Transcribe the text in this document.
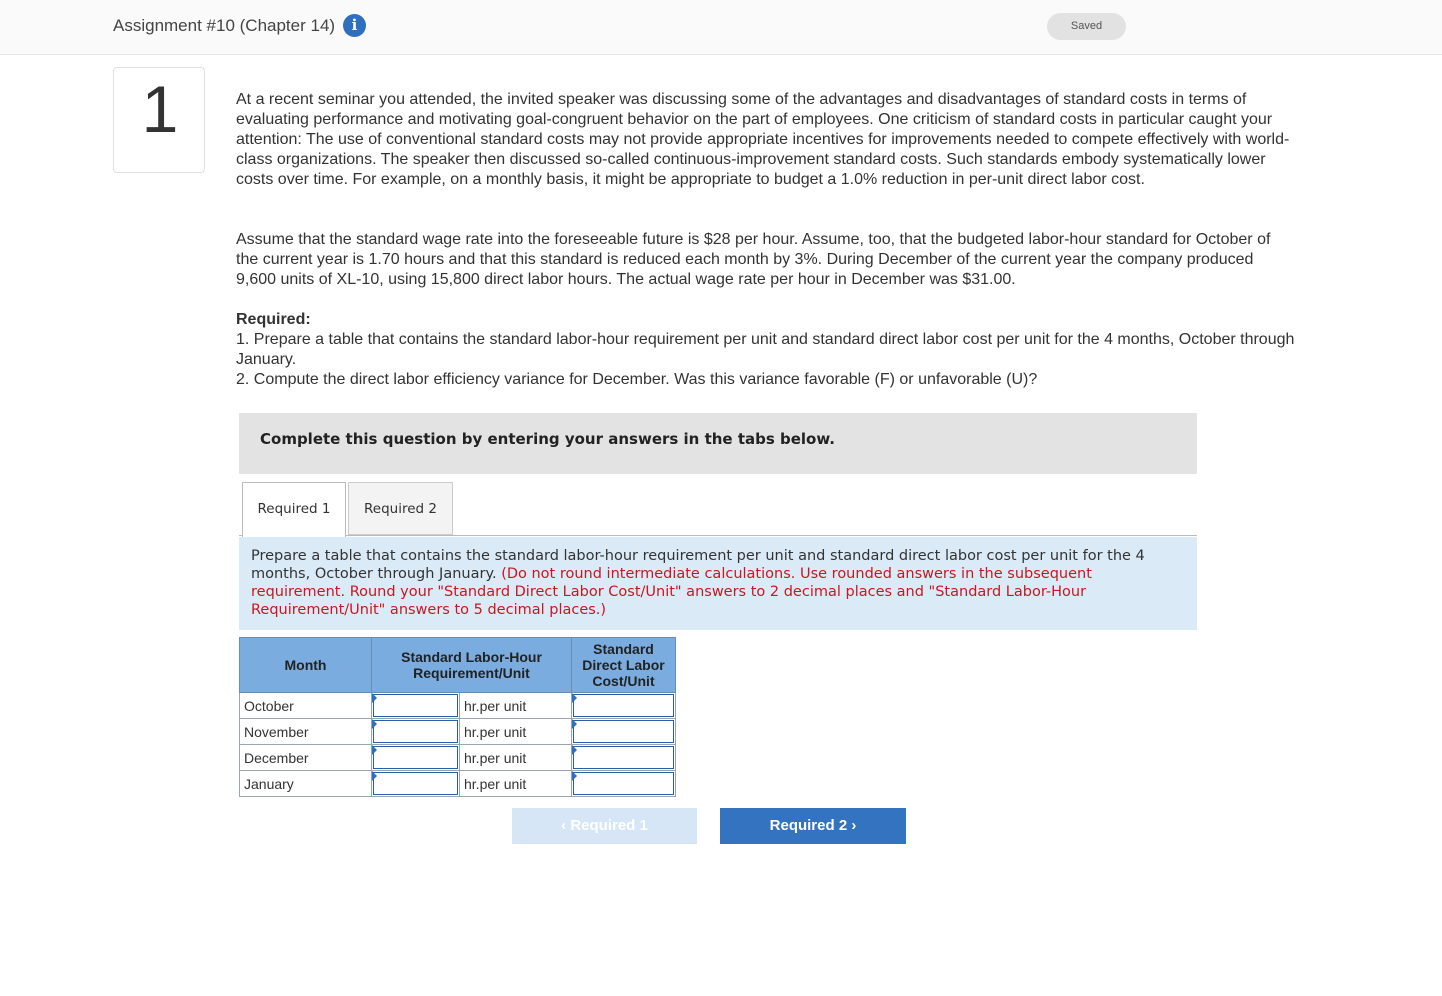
Assignment #10 (Chapter 14)	i	Saved
1	At a recent seminar you attended, the invited speaker was discussing some of the advantages and disadvantages of standard costs in terms of evaluating performance and motivating goal-congruent behavior on the part of employees. One criticism of standard costs in particular caught your attention: The use of conventional standard costs may not provide appropriate incentives for improvements needed to compete effectively with world-class organizations. The speaker then discussed so-called continuous-improvement standard costs. Such standards embody systematically lower costs over time. For example, on a monthly basis, it might be appropriate to budget a 1.0% reduction in per-unit direct labor cost.

Assume that the standard wage rate into the foreseeable future is $28 per hour. Assume, too, that the budgeted labor-hour standard for October of the current year is 1.70 hours and that this standard is reduced each month by 3%. During December of the current year the company produced 9,600 units of XL-10, using 15,800 direct labor hours. The actual wage rate per hour in December was $31.00.

Required:
1. Prepare a table that contains the standard labor-hour requirement per unit and standard direct labor cost per unit for the 4 months, October through January.
2. Compute the direct labor efficiency variance for December. Was this variance favorable (F) or unfavorable (U)?
Complete this question by entering your answers in the tabs below.
Required 1	Required 2
Prepare a table that contains the standard labor-hour requirement per unit and standard direct labor cost per unit for the 4 months, October through January. (Do not round intermediate calculations. Use rounded answers in the subsequent requirement. Round your "Standard Direct Labor Cost/Unit" answers to 2 decimal places and "Standard Labor-Hour Requirement/Unit" answers to 5 decimal places.)
Month	Standard Labor-Hour Requirement/Unit		Standard Direct Labor Cost/Unit
October		hr.per unit	

November		hr.per unit	

December		hr.per unit	

January		hr.per unit	
‹ Required 1	Required 2 ›
